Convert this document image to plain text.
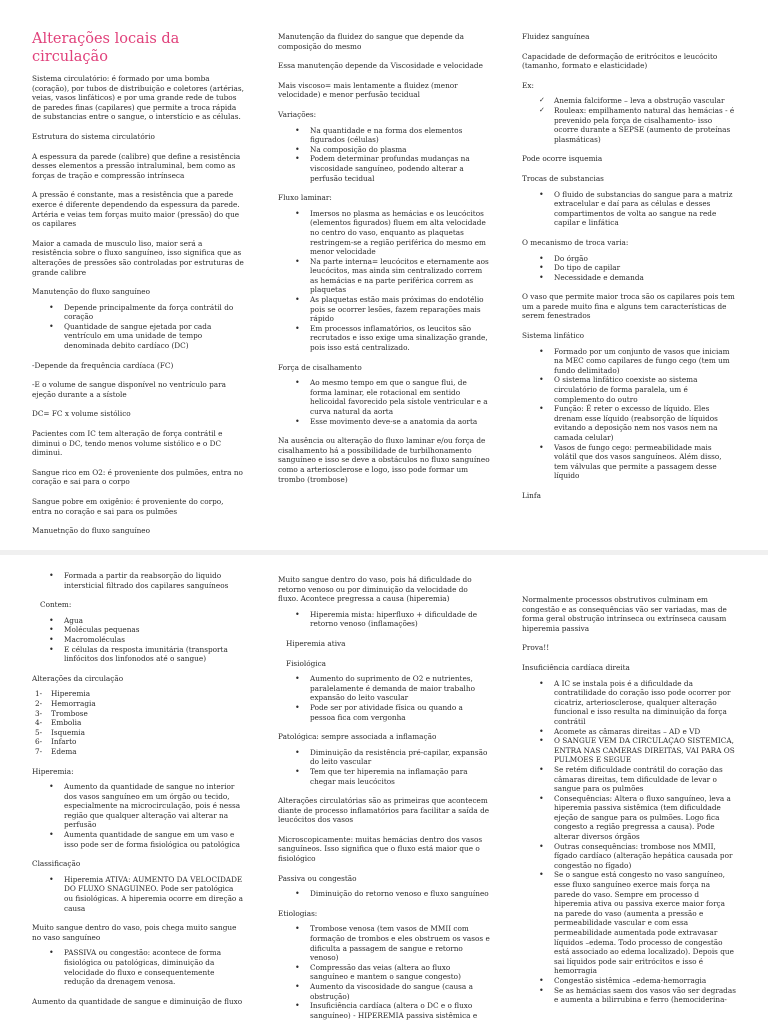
Alterações locais da circulação

Sistema circulatório: é formado por uma bomba (coração), por tubos de distribuição e coletores (artérias, veias, vasos linfáticos) e por uma grande rede de tubos de paredes finas (capilares) que permite a troca rápida de substancias entre o sangue, o interstício e as células.

Estrutura do sistema circulatório

A espessura da parede (calibre) que define a resistência desses elementos a pressão intraluminal, bem como as forças de tração e compressão intrínseca

A pressão é constante, mas a resistência que a parede exerce é diferente dependendo da espessura da parede. Artéria e veias tem forças muito maior (pressão) do que os capilares

Maior a camada de musculo liso, maior será a resistência sobre o fluxo sanguíneo, isso significa que as alterações de pressões são controladas por estruturas de grande calibre

Manutenção do fluxo sanguíneo

• Depende principalmente da força contrátil do coração
• Quantidade de sangue ejetada por cada ventrículo em uma unidade de tempo denominada debito cardíaco (DC)

-Depende da frequência cardíaca (FC)

-E o volume de sangue disponível no ventrículo para ejeção durante a a sístole

DC= FC x volume sistólico

Pacientes com IC tem alteração de força contrátil e diminui o DC, tendo menos volume sistólico e o DC diminui.

Sangue rico em O2: é proveniente dos pulmões, entra no coração e sai para o corpo

Sangue pobre em oxigênio: é proveniente do corpo, entra no coração e sai para os pulmões

Manuetnção do fluxo sanguíneo

Manutenção da fluidez do sangue que depende da composição do mesmo

Essa manutenção depende da Viscosidade e velocidade

Mais viscoso= mais lentamente a fluidez (menor velocidade) e menor perfusão tecidual

Variações:

• Na quantidade e na forma dos elementos figurados (células)
• Na composição do plasma
• Podem determinar profundas mudanças na viscosidade sanguíneo, podendo alterar a perfusão tecidual

Fluxo laminar:

• Imersos no plasma as hemácias e os leucócitos (elementos figurados) fluem em alta velocidade no centro do vaso, enquanto as plaquetas restringem-se a região periférica do mesmo em menor velocidade
• Na parte interna= leucócitos e eternamente aos leucócitos, mas ainda sim centralizado correm as hemácias e na parte periférica correm as plaquetas
• As plaquetas estão mais próximas do endotélio pois se ocorrer lesões, fazem reparações mais rápido
• Em processos inflamatórios, os leucitos são recrutados e isso exige uma sinalização grande, pois isso está centralizado.

Força de cisalhamento

• Ao mesmo tempo em que o sangue flui, de forma laminar, ele rotacional em sentido helicoidal favorecido pela sístole ventricular e a curva natural da aorta
• Esse movimento deve-se a anatomia da aorta

Na ausência ou alteração do fluxo laminar e/ou força de cisalhamento há a possibilidade de turbilhonamento sanguíneo e isso se deve a obstáculos no fluxo sanguíneo como a arteriosclerose e logo, isso pode formar um trombo (trombose)

Fluidez sanguínea

Capacidade de deformação de eritrócitos e leucócito (tamanho, formato e elasticidade)

Ex:

✓ Anemia falciforme – leva a obstrução vascular
✓ Rouleax: empilhamento natural das hemácias - é prevenido pela força de cisalhamento- isso ocorre durante a SEPSE (aumento de proteínas plasmáticas)

Pode ocorre isquemia

Trocas de substancias

• O fluido de substancias do sangue para a matriz extracelular e daí para as células e desses compartimentos de volta ao sangue na rede capilar e linfática

O mecanismo de troca varia:

• Do órgão
• Do tipo de capilar
• Necessidade e demanda

O vaso que permite maior troca são os capilares pois tem um a parede muito fina e alguns tem características de serem fenestrados

Sistema linfático

• Formado por um conjunto de vasos que iniciam na MEC como capilares de fungo cego (tem um fundo delimitado)
• O sistema linfático coexiste ao sistema circulatório de forma paralela, um é complemento do outro
• Função: É reter o excesso de líquido. Eles drenam esse líquido (reabsorção de líquidos evitando a deposição nem nos vasos nem na camada celular)
• Vasos de fungo cego: permeabilidade mais volátil que dos vasos sanguíneos. Além disso, tem válvulas que permite a passagem desse líquido

Linfa

• Formada a partir da reabsorção do liquido intersticial filtrado dos capilares sanguíneos

Contem:

• Agua
• Moléculas pequenas
• Macromoléculas
• E células da resposta imunitária (transporta linfócitos dos linfonodos até o sangue)

Alterações da circulação

1- Hiperemia
2- Hemorragia
3- Trombose
4- Embolia
5- Isquemia
6- Infarto
7- Edema

Hiperemia:

• Aumento da quantidade de sangue no interior dos vasos sanguíneo em um órgão ou tecido, especialmente na microcirculação, pois é nessa região que qualquer alteração vai alterar na perfusão
• Aumenta quantidade de sangue em um vaso e isso pode ser de forma fisiológica ou patológica

Classificação

• Hiperemia ATIVA: AUMENTO DA VELOCIDADE DO FLUXO SNAGUINEO. Pode ser patológica ou fisiológicas. A hiperemia ocorre em direção a causa

Muito sangue dentro do vaso, pois chega muito sangue no vaso sanguíneo

• PASSIVA ou congestão: acontece de forma fisiológica ou patológicas, diminuição da velocidade do fluxo e consequentemente redução da drenagem venosa.

Aumento da quantidade de sangue e diminuição de fluxo

Muito sangue dentro do vaso, pois há dificuldade do retorno venoso ou por diminuição da velocidade do fluxo. Acontece pregressa a causa (hiperemia)

• Hiperemia mista: hiperfluxo + dificuldade de retorno venoso (inflamações)

Hiperemia ativa

Fisiológica

• Aumento do suprimento de O2 e nutrientes, paralelamente é demanda de maior trabalho expansão do leito vascular
• Pode ser por atividade física ou quando a pessoa fica com vergonha

Patológica: sempre associada a inflamação

• Diminuição da resistência pré-capilar, expansão do leito vascular
• Tem que ter hiperemia na inflamação para chegar mais leucócitos

Alterações circulatórias são as primeiras que acontecem diante de processo inflamatórios para facilitar a saída de leucócitos dos vasos

Microscopicamente: muitas hemácias dentro dos vasos sanguíneos. Isso significa que o fluxo está maior que o fisiológico

Passiva ou congestão

• Diminuição do retorno venoso e fluxo sanguíneo

Etiologias:

• Trombose venosa (tem vasos de MMII com formação de trombos e eles obstruem os vasos e dificulta a passagem de sangue e retorno venoso)
• Compressão das veias (altera ao fluxo sanguíneo e mantem o sangue congesto)
• Aumento da viscosidade do sangue (causa a obstrução)
• Insuficiência cardíaca (altera o DC e o fluxo sanguíneo) - HIPEREMIA passiva sistêmica e

Normalmente processos obstrutivos culminam em congestão e as consequências vão ser variadas, mas de forma geral obstrução intrínseca ou extrínseca causam hiperemia passiva

Prova!!

Insuficiência cardíaca direita

• A IC se instala pois é a dificuldade da contratilidade do coração isso pode ocorrer por cicatriz, arteriosclerose, qualquer alteração funcional e isso resulta na diminuição da força contrátil
• Acomete as câmaras direitas – AD e VD
• O SANGUE VEM DA CIRCULAÇAO SISTEMICA, ENTRA NAS CAMERAS DIREITAS, VAI PARA OS PULMOES E SEGUE
• Se retém dificuldade contrátil do coração das câmaras direitas, tem dificuldade de levar o sangue para os pulmões
• Consequências: Altera o fluxo sanguíneo, leva a hiperemia passiva sistêmica (tem dificuldade ejeção de sangue para os pulmões. Logo fica congesto a região pregressa a causa). Pode alterar diversos órgãos
• Outras consequências: trombose nos MMII, fígado cardíaco (alteração hepática causada por congestão no fígado)
• Se o sangue está congesto no vaso sanguíneo, esse fluxo sanguíneo exerce mais força na parede do vaso. Sempre em processo d hiperemia ativa ou passiva exerce maior força na parede do vaso (aumenta a pressão e permeabilidade vascular e com essa permeabilidade aumentada pode extravasar líquidos –edema. Todo processo de congestão está associado ao edema localizado). Depois que sai líquidos pode sair eritrócitos e isso é hemorragia
• Congestão sistêmica –edema-hemorragia
• Se as hemácias saem dos vasos vão ser degradas e aumenta a bilirrubina e ferro (hemociderina-
